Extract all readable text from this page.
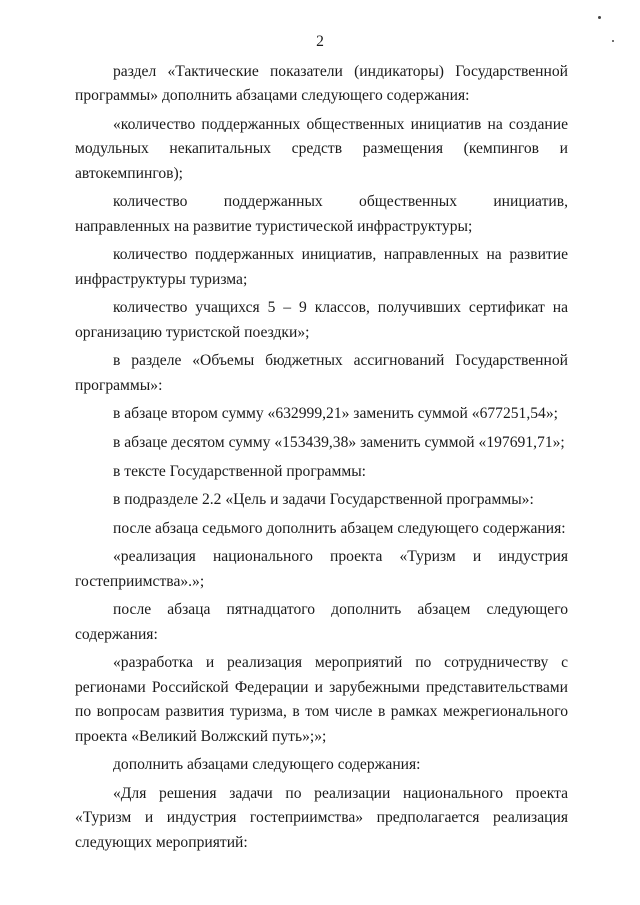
2

раздел «Тактические показатели (индикаторы) Государственной программы» дополнить абзацами следующего содержания:

«количество поддержанных общественных инициатив на создание модульных некапитальных средств размещения (кемпингов и автокемпингов);

количество поддержанных общественных инициатив, направленных на развитие туристической инфраструктуры;

количество поддержанных инициатив, направленных на развитие инфраструктуры туризма;

количество учащихся 5 – 9 классов, получивших сертификат на организацию туристской поездки»;

в разделе «Объемы бюджетных ассигнований Государственной программы»:

в абзаце втором сумму «632999,21» заменить суммой «677251,54»;

в абзаце десятом сумму «153439,38» заменить суммой «197691,71»;

в тексте Государственной программы:

в подразделе 2.2 «Цель и задачи Государственной программы»:

после абзаца седьмого дополнить абзацем следующего содержания:

«реализация национального проекта «Туризм и индустрия гостеприимства».»;

после абзаца пятнадцатого дополнить абзацем следующего содержания:

«разработка и реализация мероприятий по сотрудничеству с регионами Российской Федерации и зарубежными представительствами по вопросам развития туризма, в том числе в рамках межрегионального проекта «Великий Волжский путь»;»;

дополнить абзацами следующего содержания:

«Для решения задачи по реализации национального проекта «Туризм и индустрия гостеприимства» предполагается реализация следующих мероприятий:
